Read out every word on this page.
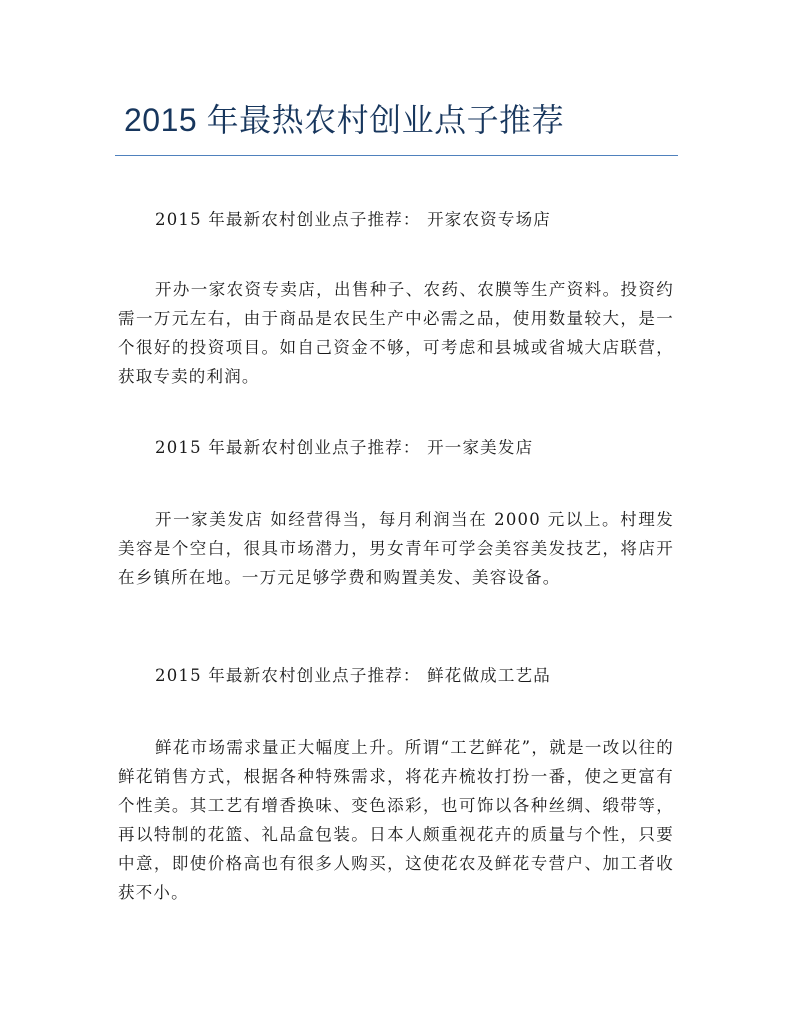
2015 年最热农村创业点子推荐

2015 年最新农村创业点子推荐： 开家农资专场店

开办一家农资专卖店，出售种子、农药、农膜等生产资料。投资约需一万元左右，由于商品是农民生产中必需之品，使用数量较大，是一个很好的投资项目。如自己资金不够，可考虑和县城或省城大店联营，获取专卖的利润。

2015 年最新农村创业点子推荐： 开一家美发店

开一家美发店 如经营得当，每月利润当在 2000 元以上。村理发美容是个空白，很具市场潜力，男女青年可学会美容美发技艺，将店开在乡镇所在地。一万元足够学费和购置美发、美容设备。

2015 年最新农村创业点子推荐： 鲜花做成工艺品

鲜花市场需求量正大幅度上升。所谓“工艺鲜花”，就是一改以往的鲜花销售方式，根据各种特殊需求，将花卉梳妆打扮一番，使之更富有个性美。其工艺有增香换味、变色添彩，也可饰以各种丝绸、缎带等，再以特制的花篮、礼品盒包装。日本人颇重视花卉的质量与个性，只要中意，即使价格高也有很多人购买，这使花农及鲜花专营户、加工者收获不小。
